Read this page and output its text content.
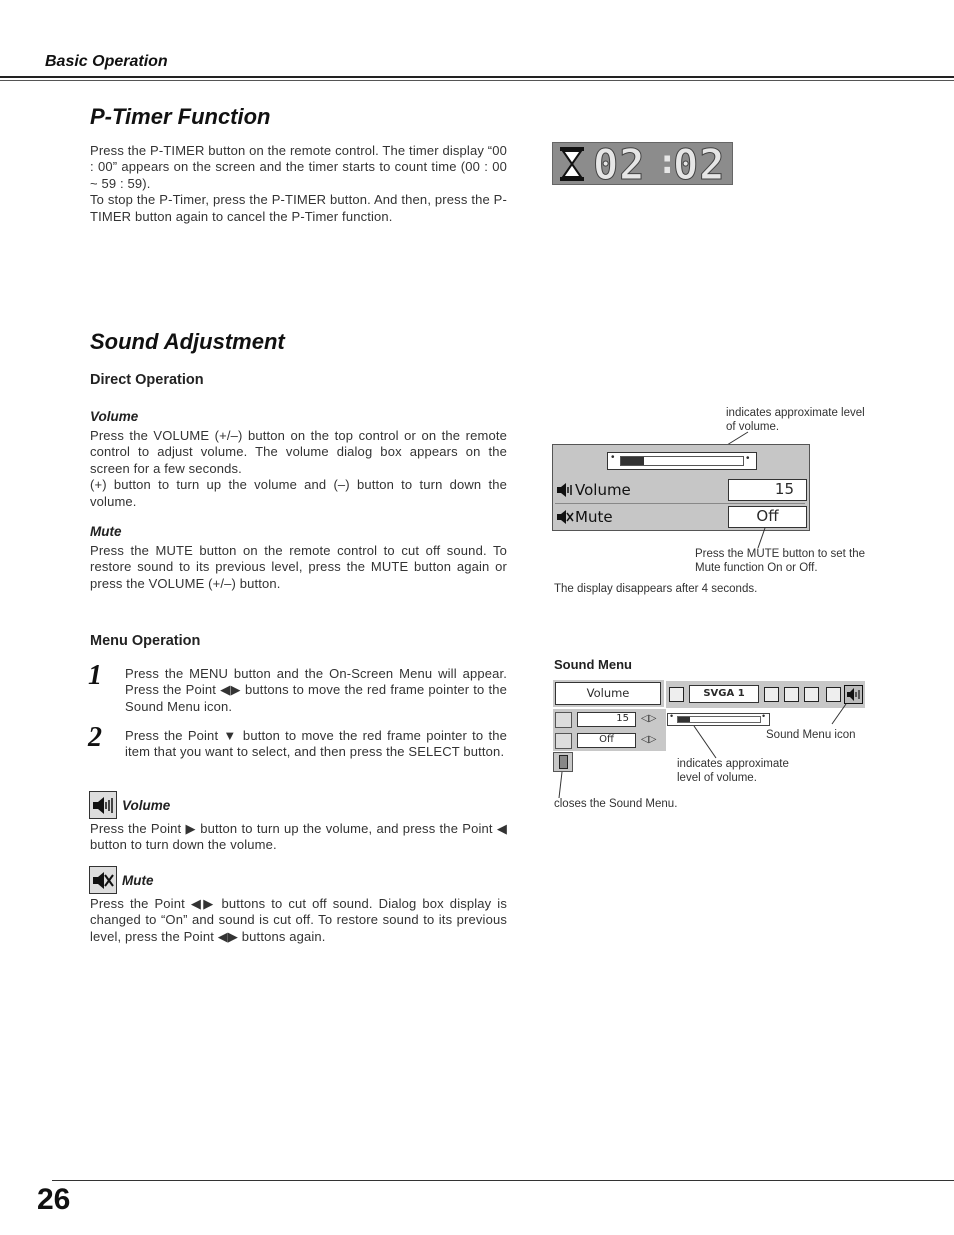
Basic Operation
P-Timer Function

Press the P-TIMER button on the remote control. The timer display “00 : 00” appears on the screen and the timer starts to count time (00 : 00 ~ 59 : 59).

To stop the P-Timer, press the P-TIMER button. And then, press the P-TIMER button again to cancel the P-Timer function.

02 :
02
Sound Adjustment
Direct Operation
Volume

Press the VOLUME (+/–) button on the top control or on the remote control to adjust volume. The volume dialog box appears on the screen for a few seconds.

(+) button to turn up the volume and (–) button to turn down the volume.

Mute
Press the MUTE button on the remote control to cut off sound. To restore sound to its previous level, press the MUTE button again or press the VOLUME (+/–) button.
indicates approximate level of volume.
•	•
Volume	15
Mute	Off
Press the MUTE button to set the Mute function On or Off.
The display disappears after 4 seconds.
Menu Operation
1 Press the MENU button and the On-Screen Menu will appear. Press the Point ◀▶ buttons to move the red frame pointer to the Sound Menu icon.
2 Press the Point ▼ button to move the red frame pointer to the item that you want to select, and then press the SELECT button.
Volume
Press the Point ▶ button to turn up the volume, and press the Point ◀ button to turn down the volume.
Mute
Press the Point ◀▶ buttons to cut off sound. Dialog box display is changed to “On” and sound is cut off. To restore sound to its previous level, press the Point ◀▶ buttons again.
Sound Menu
Volume	SVGA 1
15	◁▷
Off	◁▷
•	•
Sound Menu icon
indicates approximate level of volume.
closes the Sound Menu.
26
